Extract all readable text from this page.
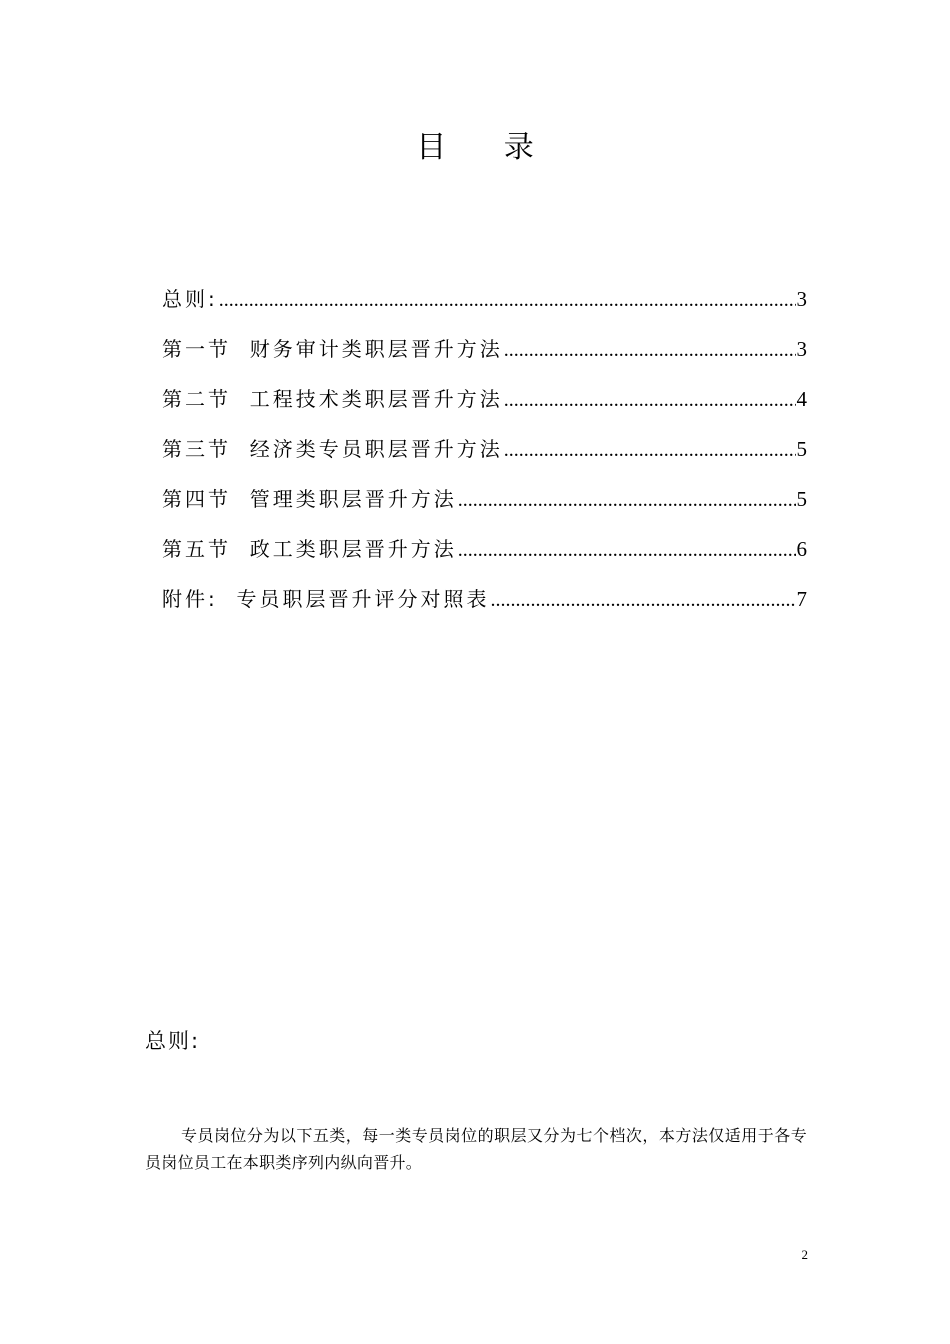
目 录
总则: .....	3
第一节  财务审计类职层晋升方法 .....	3
第二节  工程技术类职层晋升方法 .....	4
第三节  经济类专员职层晋升方法 .....	5
第四节  管理类职层晋升方法 .....	5
第五节  政工类职层晋升方法 .....	6
附件:  专员职层晋升评分对照表 .....	7
总则:

专员岗位分为以下五类，每一类专员岗位的职层又分为七个档次，本方法仅适用于各专员岗位员工在本职类序列内纵向晋升。

2
